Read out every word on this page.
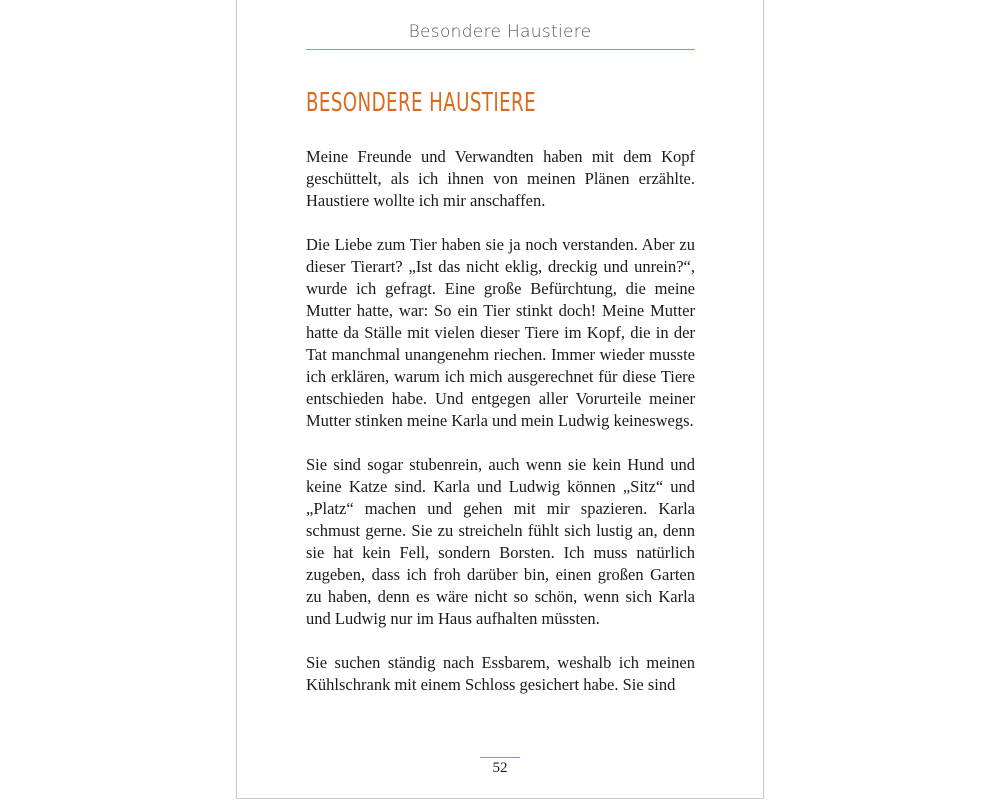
Besondere Haustiere
BESONDERE HAUSTIERE

Meine Freunde und Verwandten haben mit dem Kopf geschüttelt, als ich ihnen von meinen Plänen erzählte. Haustiere wollte ich mir anschaffen.

Die Liebe zum Tier haben sie ja noch verstanden. Aber zu dieser Tierart? „Ist das nicht eklig, dreckig und unrein?“, wurde ich gefragt. Eine große Befürchtung, die meine Mutter hatte, war: So ein Tier stinkt doch! Meine Mutter hatte da Ställe mit vielen dieser Tiere im Kopf, die in der Tat manchmal unangenehm riechen. Immer wieder musste ich erklären, warum ich mich ausgerechnet für diese Tiere entschieden habe. Und entgegen aller Vorurteile meiner Mutter stinken meine Karla und mein Ludwig keineswegs.

Sie sind sogar stubenrein, auch wenn sie kein Hund und keine Katze sind. Karla und Ludwig können „Sitz“ und „Platz“ machen und gehen mit mir spazieren. Karla schmust gerne. Sie zu streicheln fühlt sich lustig an, denn sie hat kein Fell, sondern Borsten. Ich muss natürlich zugeben, dass ich froh darüber bin, einen großen Garten zu haben, denn es wäre nicht so schön, wenn sich Karla und Ludwig nur im Haus aufhalten müssten.

Sie suchen ständig nach Essbarem, weshalb ich meinen Kühlschrank mit einem Schloss gesichert habe. Sie sind

52
